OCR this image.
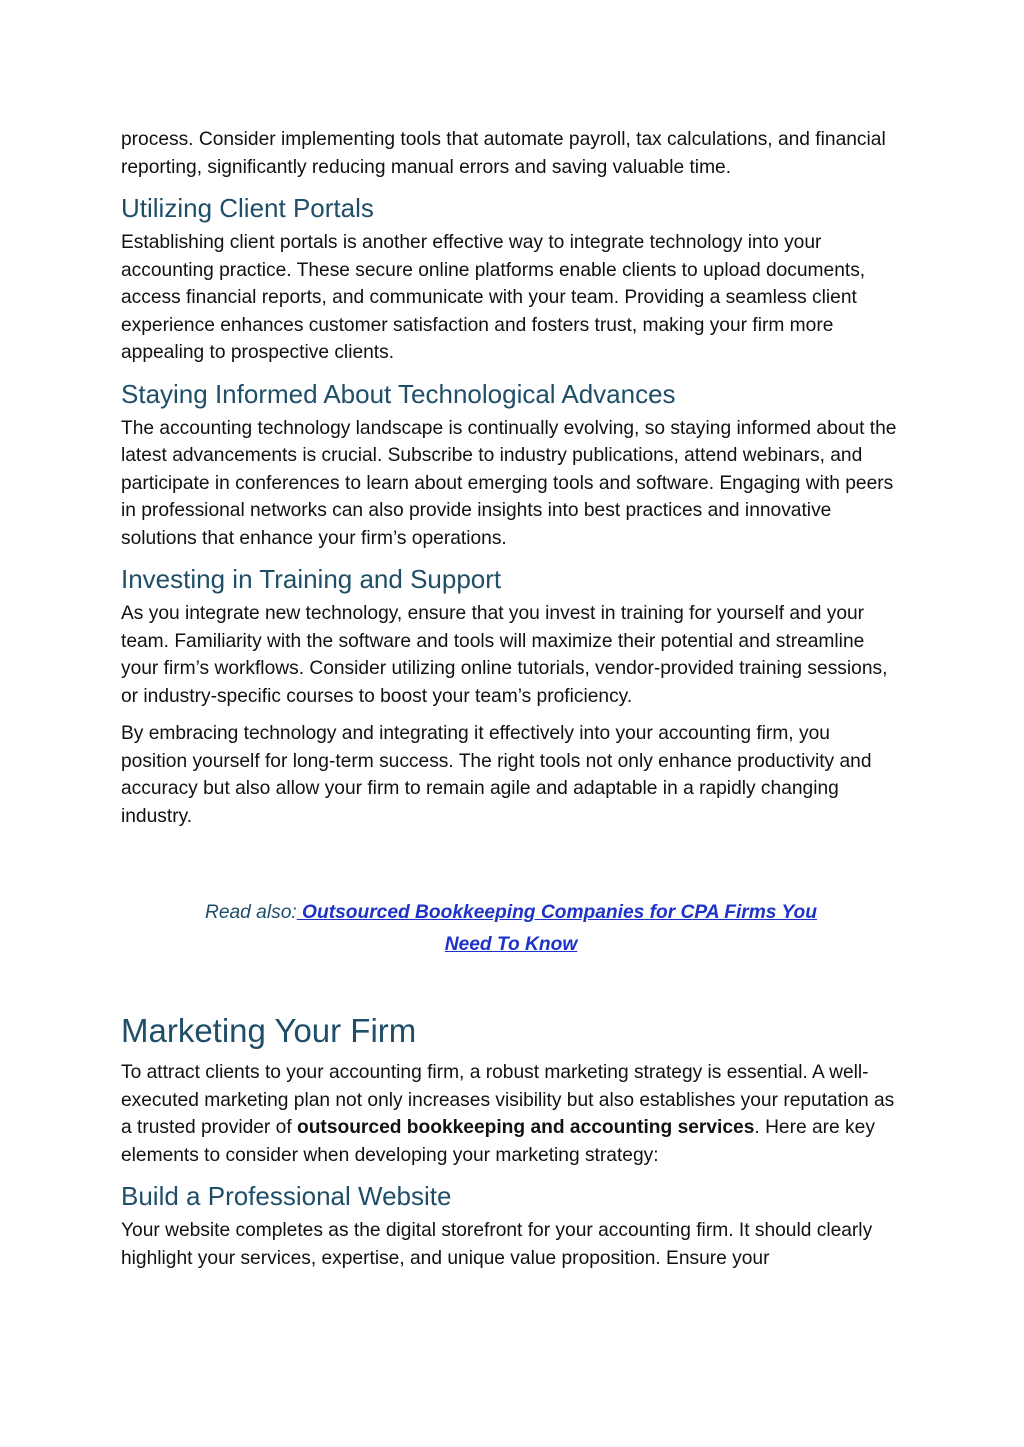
process. Consider implementing tools that automate payroll, tax calculations, and financial reporting, significantly reducing manual errors and saving valuable time.

Utilizing Client Portals

Establishing client portals is another effective way to integrate technology into your accounting practice. These secure online platforms enable clients to upload documents, access financial reports, and communicate with your team. Providing a seamless client experience enhances customer satisfaction and fosters trust, making your firm more appealing to prospective clients.

Staying Informed About Technological Advances

The accounting technology landscape is continually evolving, so staying informed about the latest advancements is crucial. Subscribe to industry publications, attend webinars, and participate in conferences to learn about emerging tools and software. Engaging with peers in professional networks can also provide insights into best practices and innovative solutions that enhance your firm’s operations.

Investing in Training and Support

As you integrate new technology, ensure that you invest in training for yourself and your team. Familiarity with the software and tools will maximize their potential and streamline your firm’s workflows. Consider utilizing online tutorials, vendor-provided training sessions, or industry-specific courses to boost your team’s proficiency.

By embracing technology and integrating it effectively into your accounting firm, you position yourself for long-term success. The right tools not only enhance productivity and accuracy but also allow your firm to remain agile and adaptable in a rapidly changing industry.

Read also: Outsourced Bookkeeping Companies for CPA Firms You Need To Know
Marketing Your Firm

To attract clients to your accounting firm, a robust marketing strategy is essential. A well-executed marketing plan not only increases visibility but also establishes your reputation as a trusted provider of outsourced bookkeeping and accounting services. Here are key elements to consider when developing your marketing strategy:

Build a Professional Website

Your website completes as the digital storefront for your accounting firm. It should clearly highlight your services, expertise, and unique value proposition. Ensure your
